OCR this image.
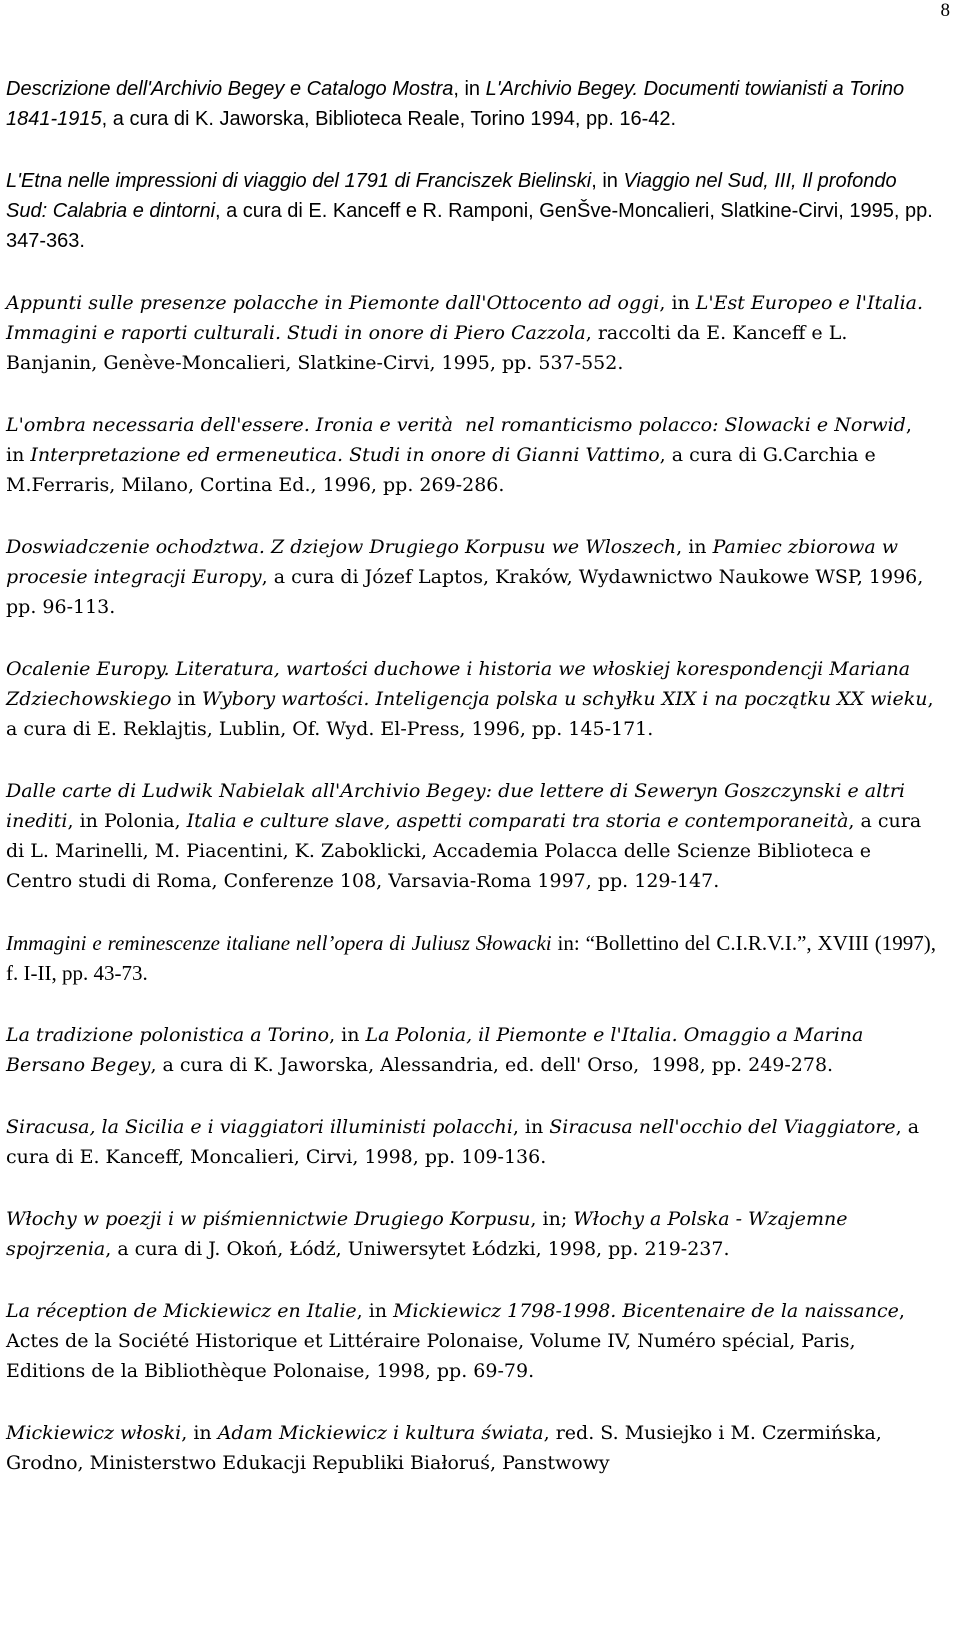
8

Descrizione dell'Archivio Begey e Catalogo Mostra, in L'Archivio Begey. Documenti towianisti a Torino 1841-1915, a cura di K. Jaworska, Biblioteca Reale, Torino 1994, pp. 16-42.

L'Etna nelle impressioni di viaggio del 1791 di Franciszek Bielinski, in Viaggio nel Sud, III, Il profondo Sud: Calabria e dintorni, a cura di E. Kanceff e R. Ramponi, GenŠve-Moncalieri, Slatkine-Cirvi, 1995, pp. 347-363.

Appunti sulle presenze polacche in Piemonte dall'Ottocento ad oggi, in L'Est Europeo e l'Italia. Immagini e raporti culturali. Studi in onore di Piero Cazzola, raccolti da E. Kanceff e L. Banjanin, Genève-Moncalieri, Slatkine-Cirvi, 1995, pp. 537-552.

L'ombra necessaria dell'essere. Ironia e verità  nel romanticismo polacco: Slowacki e Norwid, in Interpretazione ed ermeneutica. Studi in onore di Gianni Vattimo, a cura di G.Carchia e M.Ferraris, Milano, Cortina Ed., 1996, pp. 269-286.

Doswiadczenie ochodztwa. Z dziejow Drugiego Korpusu we Wloszech, in Pamiec zbiorowa w procesie integracji Europy, a cura di Józef Laptos, Kraków, Wydawnictwo Naukowe WSP, 1996, pp. 96-113.

Ocalenie Europy. Literatura, wartości duchowe i historia we włoskiej korespondencji Mariana Zdziechowskiego in Wybory wartości. Inteligencja polska u schyłku XIX i na początku XX wieku, a cura di E. Reklajtis, Lublin, Of. Wyd. El-Press, 1996, pp. 145-171.

Dalle carte di Ludwik Nabielak all'Archivio Begey: due lettere di Seweryn Goszczynski e altri inediti, in Polonia, Italia e culture slave, aspetti comparati tra storia e contemporaneità, a cura di L. Marinelli, M. Piacentini, K. Zaboklicki, Accademia Polacca delle Scienze Biblioteca e Centro studi di Roma, Conferenze 108, Varsavia-Roma 1997, pp. 129-147.

Immagini e reminescenze italiane nell’opera di Juliusz Słowacki in: “Bollettino del C.I.R.V.I.”, XVIII (1997), f. I-II, pp. 43-73.

La tradizione polonistica a Torino, in La Polonia, il Piemonte e l'Italia. Omaggio a Marina Bersano Begey, a cura di K. Jaworska, Alessandria, ed. dell' Orso,  1998, pp. 249-278.

Siracusa, la Sicilia e i viaggiatori illuministi polacchi, in Siracusa nell'occhio del Viaggiatore, a cura di E. Kanceff, Moncalieri, Cirvi, 1998, pp. 109-136.

Włochy w poezji i w piśmiennictwie Drugiego Korpusu, in; Włochy a Polska - Wzajemne spojrzenia, a cura di J. Okoń, Łódź, Uniwersytet Łódzki, 1998, pp. 219-237.

La réception de Mickiewicz en Italie, in Mickiewicz 1798-1998. Bicentenaire de la naissance, Actes de la Société Historique et Littéraire Polonaise, Volume IV, Numéro spécial, Paris, Editions de la Bibliothèque Polonaise, 1998, pp. 69-79.

Mickiewicz włoski, in Adam Mickiewicz i kultura świata, red. S. Musiejko i M. Czermińska, Grodno, Ministerstwo Edukacji Republiki Białoruś, Panstwowy
